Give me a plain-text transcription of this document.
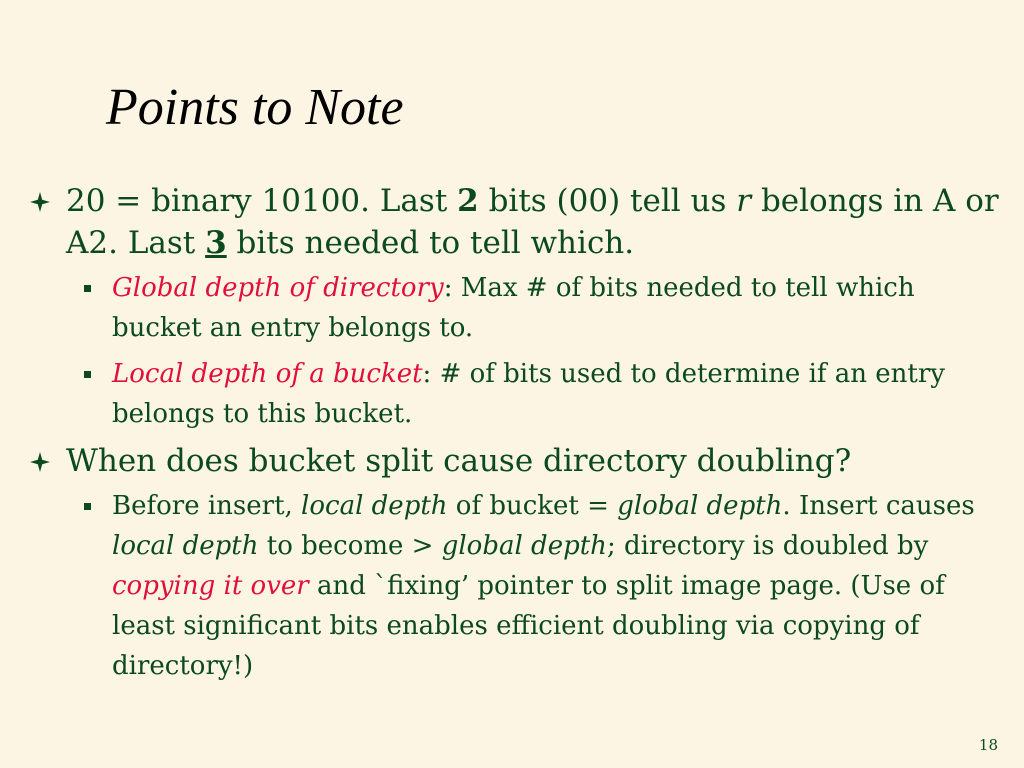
Points to Note
20 = binary 10100. Last 2 bits (00) tell us r belongs in A or A2. Last 3 bits needed to tell which.
Global depth of directory: Max # of bits needed to tell which bucket an entry belongs to.
Local depth of a bucket: # of bits used to determine if an entry belongs to this bucket.
When does bucket split cause directory doubling?
Before insert, local depth of bucket = global depth. Insert causes local depth to become > global depth; directory is doubled by copying it over and `fixing’ pointer to split image page. (Use of least significant bits enables efficient doubling via copying of directory!)
18
